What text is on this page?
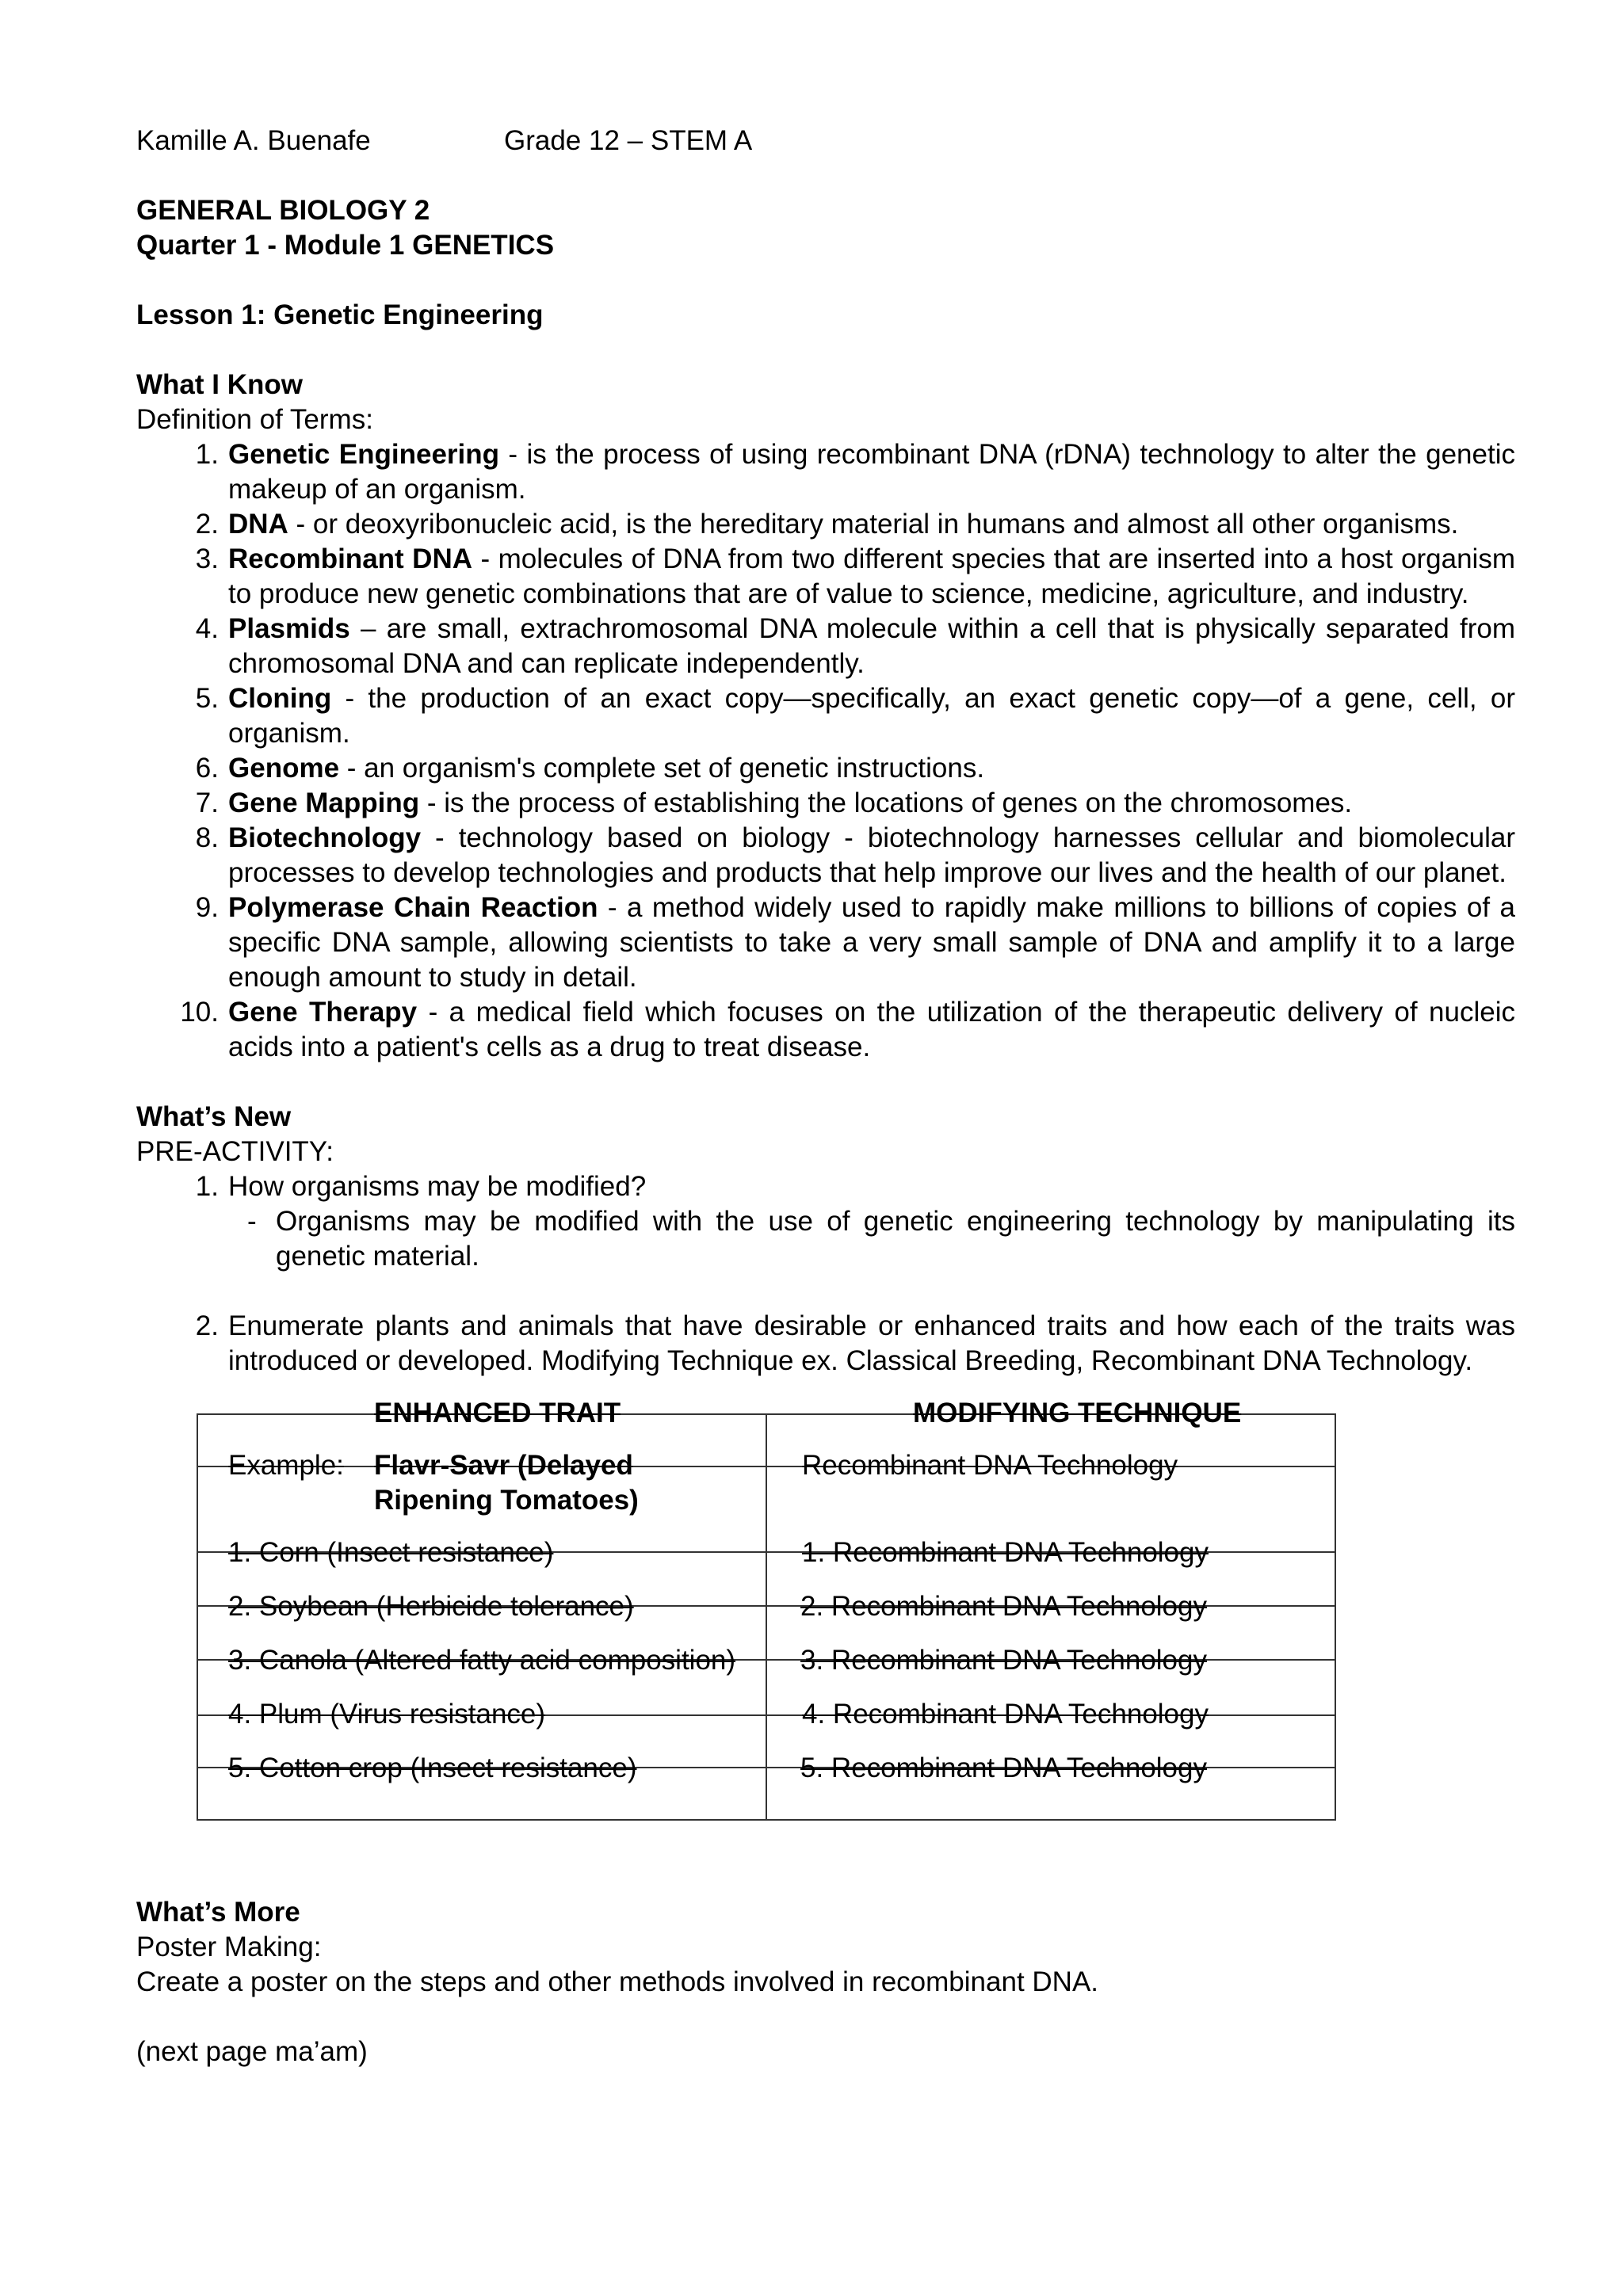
Kamille A. Buenafe	Grade 12 – STEM A
GENERAL BIOLOGY 2
Quarter 1 - Module 1 GENETICS
Lesson 1: Genetic Engineering
What I Know
Definition of Terms:
1. Genetic Engineering - is the process of using recombinant DNA (rDNA) technology to alter the genetic makeup of an organism.
2. DNA - or deoxyribonucleic acid, is the hereditary material in humans and almost all other organisms.
3. Recombinant DNA - molecules of DNA from two different species that are inserted into a host organism to produce new genetic combinations that are of value to science, medicine, agriculture, and industry.
4. Plasmids – are small, extrachromosomal DNA molecule within a cell that is physically separated from chromosomal DNA and can replicate independently.
5. Cloning - the production of an exact copy—specifically, an exact genetic copy—of a gene, cell, or organism.
6. Genome - an organism's complete set of genetic instructions.
7. Gene Mapping - is the process of establishing the locations of genes on the chromosomes.
8. Biotechnology - technology based on biology - biotechnology harnesses cellular and biomolecular processes to develop technologies and products that help improve our lives and the health of our planet.
9. Polymerase Chain Reaction - a method widely used to rapidly make millions to billions of copies of a specific DNA sample, allowing scientists to take a very small sample of DNA and amplify it to a large enough amount to study in detail.
10. Gene Therapy - a medical field which focuses on the utilization of the therapeutic delivery of nucleic acids into a patient's cells as a drug to treat disease.
What’s New
PRE-ACTIVITY:
1. How organisms may be modified?
- Organisms may be modified with the use of genetic engineering technology by manipulating its genetic material.
2. Enumerate plants and animals that have desirable or enhanced traits and how each of the traits was introduced or developed. Modifying Technique ex. Classical Breeding, Recombinant DNA Technology.
ENHANCED TRAIT	MODIFYING TECHNIQUE
Example: Flavr-Savr (Delayed
Ripening Tomatoes)
Recombinant DNA Technology
1. Corn (Insect resistance)	1. Recombinant DNA Technology
2. Soybean (Herbicide tolerance)	2. Recombinant DNA Technology
3. Canola (Altered fatty acid composition) 3. Recombinant DNA Technology
4. Plum (Virus resistance)	4. Recombinant DNA Technology
5. Cotton crop (Insect resistance)	5. Recombinant DNA Technology
What’s More
Poster Making:
Create a poster on the steps and other methods involved in recombinant DNA.
(next page ma’am)
